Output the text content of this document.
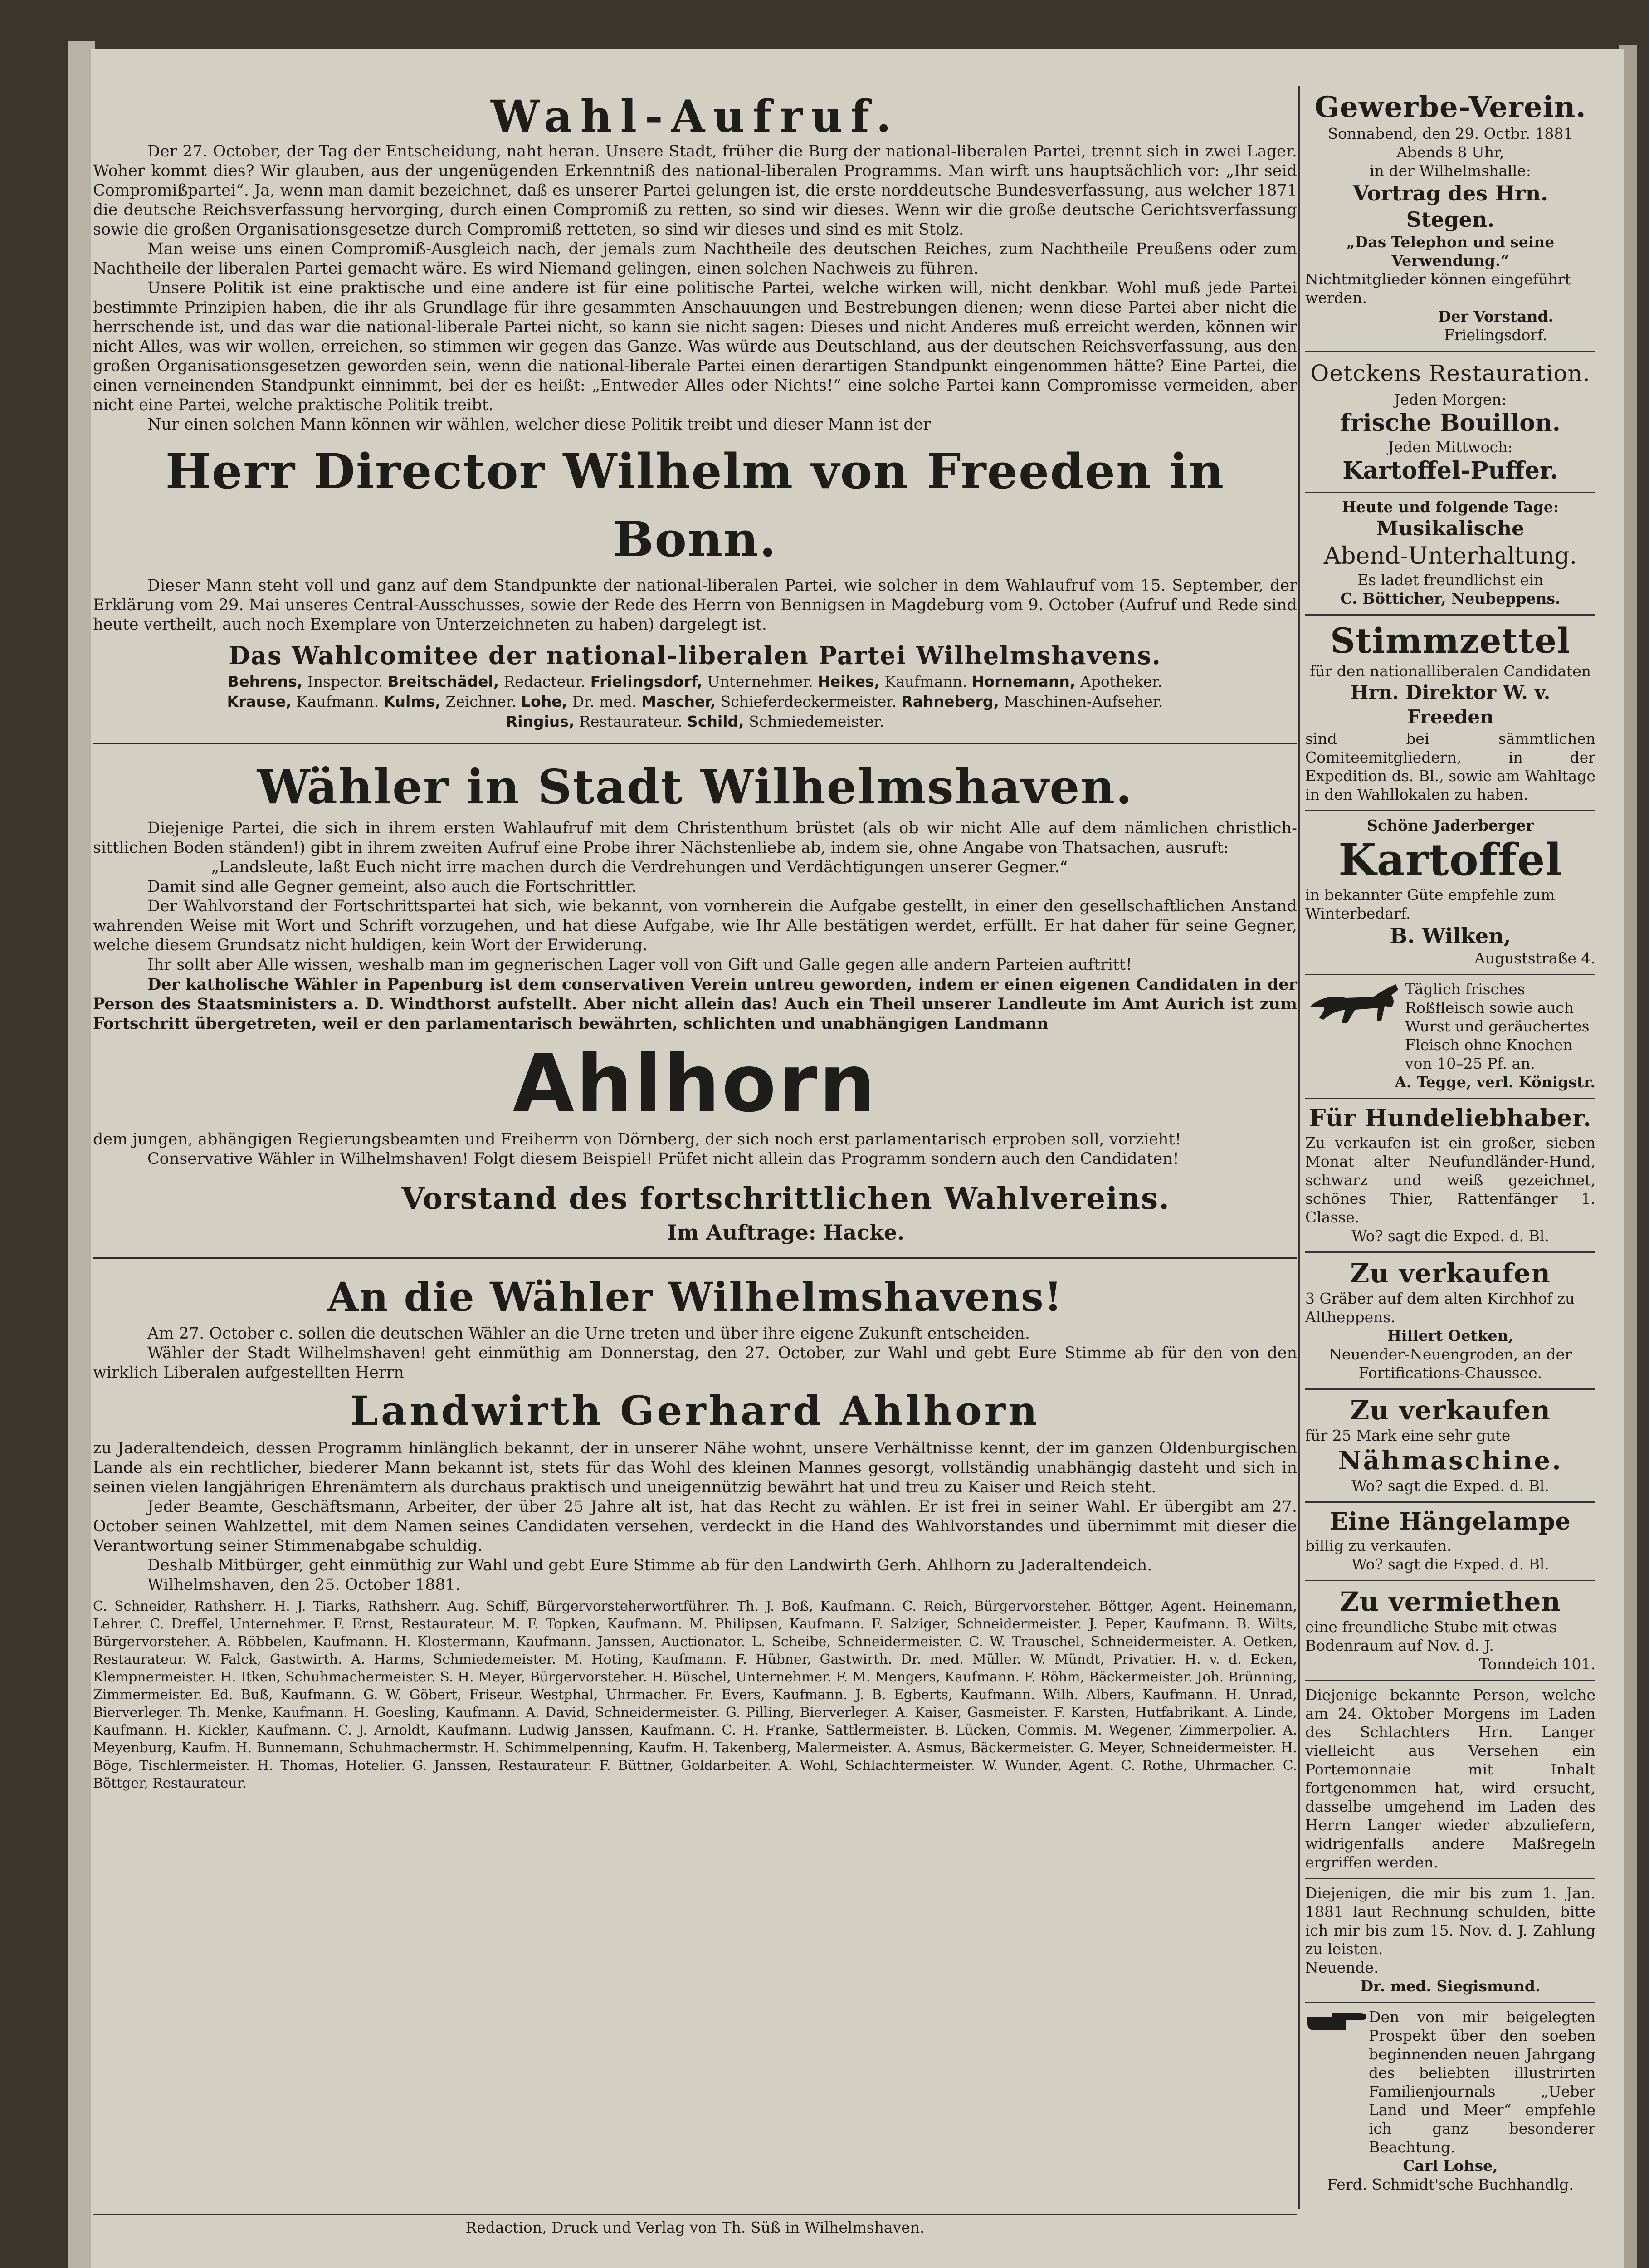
Wahl-Aufruf.

Der 27. October, der Tag der Entscheidung, naht heran. Unsere Stadt, früher die Burg der national-liberalen Partei, trennt sich in zwei Lager. Woher kommt dies? Wir glauben, aus der ungenügenden Erkenntniß des national-liberalen Programms. Man wirft uns hauptsächlich vor: „Ihr seid Compromißpartei“. Ja, wenn man damit bezeichnet, daß es unserer Partei gelungen ist, die erste norddeutsche Bundesverfassung, aus welcher 1871 die deutsche Reichsverfassung hervorging, durch einen Compromiß zu retten, so sind wir dieses. Wenn wir die große deutsche Gerichtsverfassung sowie die großen Organisationsgesetze durch Compromiß retteten, so sind wir dieses und sind es mit Stolz.

Man weise uns einen Compromiß-Ausgleich nach, der jemals zum Nachtheile des deutschen Reiches, zum Nachtheile Preußens oder zum Nachtheile der liberalen Partei gemacht wäre. Es wird Niemand gelingen, einen solchen Nachweis zu führen.

Unsere Politik ist eine praktische und eine andere ist für eine politische Partei, welche wirken will, nicht denkbar. Wohl muß jede Partei bestimmte Prinzipien haben, die ihr als Grundlage für ihre gesammten Anschauungen und Bestrebungen dienen; wenn diese Partei aber nicht die herrschende ist, und das war die national-liberale Partei nicht, so kann sie nicht sagen: Dieses und nicht Anderes muß erreicht werden, können wir nicht Alles, was wir wollen, erreichen, so stimmen wir gegen das Ganze. Was würde aus Deutschland, aus der deutschen Reichsverfassung, aus den großen Organisationsgesetzen geworden sein, wenn die national-liberale Partei einen derartigen Standpunkt eingenommen hätte? Eine Partei, die einen verneinenden Standpunkt einnimmt, bei der es heißt: „Entweder Alles oder Nichts!“ eine solche Partei kann Compromisse vermeiden, aber nicht eine Partei, welche praktische Politik treibt.

Nur einen solchen Mann können wir wählen, welcher diese Politik treibt und dieser Mann ist der

Herr Director Wilhelm von Freeden in Bonn.

Dieser Mann steht voll und ganz auf dem Standpunkte der national-liberalen Partei, wie solcher in dem Wahlaufruf vom 15. September, der Erklärung vom 29. Mai unseres Central-Ausschusses, sowie der Rede des Herrn von Bennigsen in Magdeburg vom 9. October (Aufruf und Rede sind heute vertheilt, auch noch Exemplare von Unterzeichneten zu haben) dargelegt ist.

Das Wahlcomitee der national-liberalen Partei Wilhelmshavens.
Behrens, Inspector. Breitschädel, Redacteur. Frielingsdorf, Unternehmer. Heikes, Kaufmann. Hornemann, Apotheker.
Krause, Kaufmann. Kulms, Zeichner. Lohe, Dr. med. Mascher, Schieferdeckermeister. Rahneberg, Maschinen-Aufseher.
Ringius, Restaurateur. Schild, Schmiedemeister.
Wähler in Stadt Wilhelmshaven.

Diejenige Partei, die sich in ihrem ersten Wahlaufruf mit dem Christenthum brüstet (als ob wir nicht Alle auf dem nämlichen christlich-sittlichen Boden ständen!) gibt in ihrem zweiten Aufruf eine Probe ihrer Nächstenliebe ab, indem sie, ohne Angabe von Thatsachen, ausruft:

„Landsleute, laßt Euch nicht irre machen durch die Verdrehungen und Verdächtigungen unserer Gegner.“

Damit sind alle Gegner gemeint, also auch die Fortschrittler.

Der Wahlvorstand der Fortschrittspartei hat sich, wie bekannt, von vornherein die Aufgabe gestellt, in einer den gesellschaftlichen Anstand wahrenden Weise mit Wort und Schrift vorzugehen, und hat diese Aufgabe, wie Ihr Alle bestätigen werdet, erfüllt. Er hat daher für seine Gegner, welche diesem Grundsatz nicht huldigen, kein Wort der Erwiderung.

Ihr sollt aber Alle wissen, weshalb man im gegnerischen Lager voll von Gift und Galle gegen alle andern Parteien auftritt!

Der katholische Wähler in Papenburg ist dem conservativen Verein untreu geworden, indem er einen eigenen Candidaten in der Person des Staatsministers a. D. Windthorst aufstellt. Aber nicht allein das! Auch ein Theil unserer Landleute im Amt Aurich ist zum Fortschritt übergetreten, weil er den parlamentarisch bewährten, schlichten und unabhängigen Landmann

Ahlhorn

dem jungen, abhängigen Regierungsbeamten und Freiherrn von Dörnberg, der sich noch erst parlamentarisch erproben soll, vorzieht!

Conservative Wähler in Wilhelmshaven! Folgt diesem Beispiel! Prüfet nicht allein das Programm sondern auch den Candidaten!

Vorstand des fortschrittlichen Wahlvereins.
Im Auftrage: Hacke.
An die Wähler Wilhelmshavens!

Am 27. October c. sollen die deutschen Wähler an die Urne treten und über ihre eigene Zukunft entscheiden.

Wähler der Stadt Wilhelmshaven! geht einmüthig am Donnerstag, den 27. October, zur Wahl und gebt Eure Stimme ab für den von den wirklich Liberalen aufgestellten Herrn

Landwirth Gerhard Ahlhorn

zu Jaderaltendeich, dessen Programm hinlänglich bekannt, der in unserer Nähe wohnt, unsere Verhältnisse kennt, der im ganzen Oldenburgischen Lande als ein rechtlicher, biederer Mann bekannt ist, stets für das Wohl des kleinen Mannes gesorgt, vollständig unabhängig dasteht und sich in seinen vielen langjährigen Ehrenämtern als durchaus praktisch und uneigennützig bewährt hat und treu zu Kaiser und Reich steht.

Jeder Beamte, Geschäftsmann, Arbeiter, der über 25 Jahre alt ist, hat das Recht zu wählen. Er ist frei in seiner Wahl. Er übergibt am 27. October seinen Wahlzettel, mit dem Namen seines Candidaten versehen, verdeckt in die Hand des Wahlvorstandes und übernimmt mit dieser die Verantwortung seiner Stimmenabgabe schuldig.

Deshalb Mitbürger, geht einmüthig zur Wahl und gebt Eure Stimme ab für den Landwirth Gerh. Ahlhorn zu Jaderaltendeich.

Wilhelmshaven, den 25. October 1881.

C. Schneider, Rathsherr. H. J. Tiarks, Rathsherr. Aug. Schiff, Bürgervorsteherwortführer. Th. J. Boß, Kaufmann. C. Reich, Bürgervorsteher. Böttger, Agent. Heinemann, Lehrer. C. Dreffel, Unternehmer. F. Ernst, Restaurateur. M. F. Topken, Kaufmann. M. Philipsen, Kaufmann. F. Salziger, Schneidermeister. J. Peper, Kaufmann. B. Wilts, Bürgervorsteher. A. Röbbelen, Kaufmann. H. Klostermann, Kaufmann. Janssen, Auctionator. L. Scheibe, Schneidermeister. C. W. Trauschel, Schneidermeister. A. Oetken, Restaurateur. W. Falck, Gastwirth. A. Harms, Schmiedemeister. M. Hoting, Kaufmann. F. Hübner, Gastwirth. Dr. med. Müller. W. Mündt, Privatier. H. v. d. Ecken, Klempnermeister. H. Itken, Schuhmachermeister. S. H. Meyer, Bürgervorsteher. H. Büschel, Unternehmer. F. M. Mengers, Kaufmann. F. Röhm, Bäckermeister. Joh. Brünning, Zimmermeister. Ed. Buß, Kaufmann. G. W. Göbert, Friseur. Westphal, Uhrmacher. Fr. Evers, Kaufmann. J. B. Egberts, Kaufmann. Wilh. Albers, Kaufmann. H. Unrad, Bierverleger. Th. Menke, Kaufmann. H. Goesling, Kaufmann. A. David, Schneidermeister. G. Pilling, Bierverleger. A. Kaiser, Gasmeister. F. Karsten, Hutfabrikant. A. Linde, Kaufmann. H. Kickler, Kaufmann. C. J. Arnoldt, Kaufmann. Ludwig Janssen, Kaufmann. C. H. Franke, Sattlermeister. B. Lücken, Commis. M. Wegener, Zimmerpolier. A. Meyenburg, Kaufm. H. Bunnemann, Schuhmachermstr. H. Schimmelpenning, Kaufm. H. Takenberg, Malermeister. A. Asmus, Bäckermeister. G. Meyer, Schneidermeister. H. Böge, Tischlermeister. H. Thomas, Hotelier. G. Janssen, Restaurateur. F. Büttner, Goldarbeiter. A. Wohl, Schlachtermeister. W. Wunder, Agent. C. Rothe, Uhrmacher. C. Böttger, Restaurateur.

Redaction, Druck und Verlag von Th. Süß in Wilhelmshaven.
Gewerbe-Verein.
Sonnabend, den 29. Octbr. 1881
Abends 8 Uhr,
in der Wilhelmshalle:
Vortrag des Hrn. Stegen.
„Das Telephon und seine Verwendung.“
Nichtmitglieder können eingeführt werden.
Der Vorstand.
Frielingsdorf.
Oetckens Restauration.
Jeden Morgen:
frische Bouillon.
Jeden Mittwoch:
Kartoffel-Puffer.
Heute und folgende Tage:
Musikalische
Abend-Unterhaltung.
Es ladet freundlichst ein
C. Bötticher, Neubeppens.
Stimmzettel
für den nationalliberalen Candidaten
Hrn. Direktor W. v. Freeden
sind bei sämmtlichen Comiteemitgliedern, in der Expedition ds. Bl., sowie am Wahltage in den Wahllokalen zu haben.
Schöne Jaderberger
Kartoffel
in bekannter Güte empfehle zum Winterbedarf.
B. Wilken,
Auguststraße 4.
Täglich frisches Roßfleisch sowie auch Wurst und geräuchertes Fleisch ohne Knochen von 10–25 Pf. an.
A. Tegge, verl. Königstr.
Für Hundeliebhaber.
Zu verkaufen ist ein großer, sieben Monat alter Neufundländer-Hund, schwarz und weiß gezeichnet, schönes Thier, Rattenfänger 1. Classe.
Wo? sagt die Exped. d. Bl.
Zu verkaufen
3 Gräber auf dem alten Kirchhof zu Altheppens.
Hillert Oetken,
Neuender-Neuengroden, an der Fortifications-Chaussee.
Zu verkaufen
für 25 Mark eine sehr gute
Nähmaschine.
Wo? sagt die Exped. d. Bl.
Eine Hängelampe
billig zu verkaufen.
Wo? sagt die Exped. d. Bl.
Zu vermiethen
eine freundliche Stube mit etwas Bodenraum auf Nov. d. J.
Tonndeich 101.
Diejenige bekannte Person, welche am 24. Oktober Morgens im Laden des Schlachters Hrn. Langer vielleicht aus Versehen ein Portemonnaie mit Inhalt fortgenommen hat, wird ersucht, dasselbe umgehend im Laden des Herrn Langer wieder abzuliefern, widrigenfalls andere Maßregeln ergriffen werden.
Diejenigen, die mir bis zum 1. Jan. 1881 laut Rechnung schulden, bitte ich mir bis zum 15. Nov. d. J. Zahlung zu leisten.
Neuende.
Dr. med. Siegismund.
Den von mir beigelegten Prospekt über den soeben beginnenden neuen Jahrgang des beliebten illustrirten Familienjournals „Ueber Land und Meer“ empfehle ich ganz besonderer Beachtung.
Carl Lohse,
Ferd. Schmidt'sche Buchhandlg.
